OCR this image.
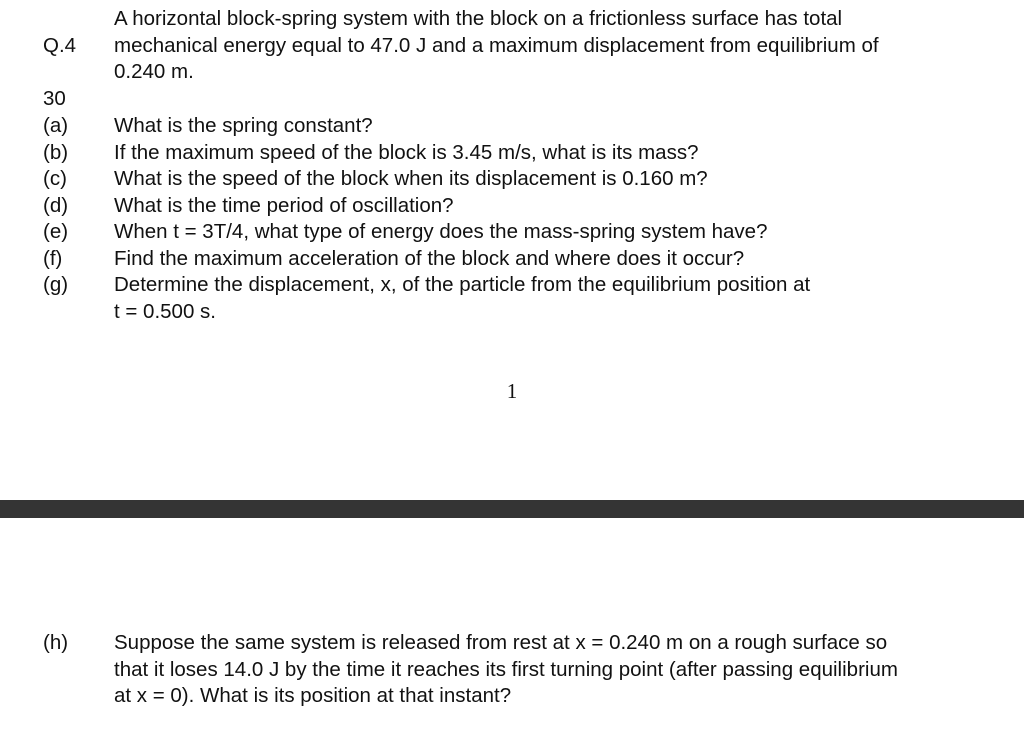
Q.4

30

A horizontal block-spring system with the block on a frictionless surface has total
mechanical energy equal to 47.0 J and a maximum displacement from equilibrium of
0.240 m.
(a)	What is the spring constant?
(b)	If the maximum speed of the block is 3.45 m/s, what is its mass?
(c)	What is the speed of the block when its displacement is 0.160 m?
(d)	What is the time period of oscillation?
(e)	When t = 3T/4, what type of energy does the mass-spring system have?
(f)	Find the maximum acceleration of the block and where does it occur?
(g)	Determine the displacement, x, of the particle from the equilibrium position at
t = 0.500 s.
1
(h)	Suppose the same system is released from rest at x = 0.240 m on a rough surface so
that it loses 14.0 J by the time it reaches its first turning point (after passing equilibrium
at x = 0). What is its position at that instant?
